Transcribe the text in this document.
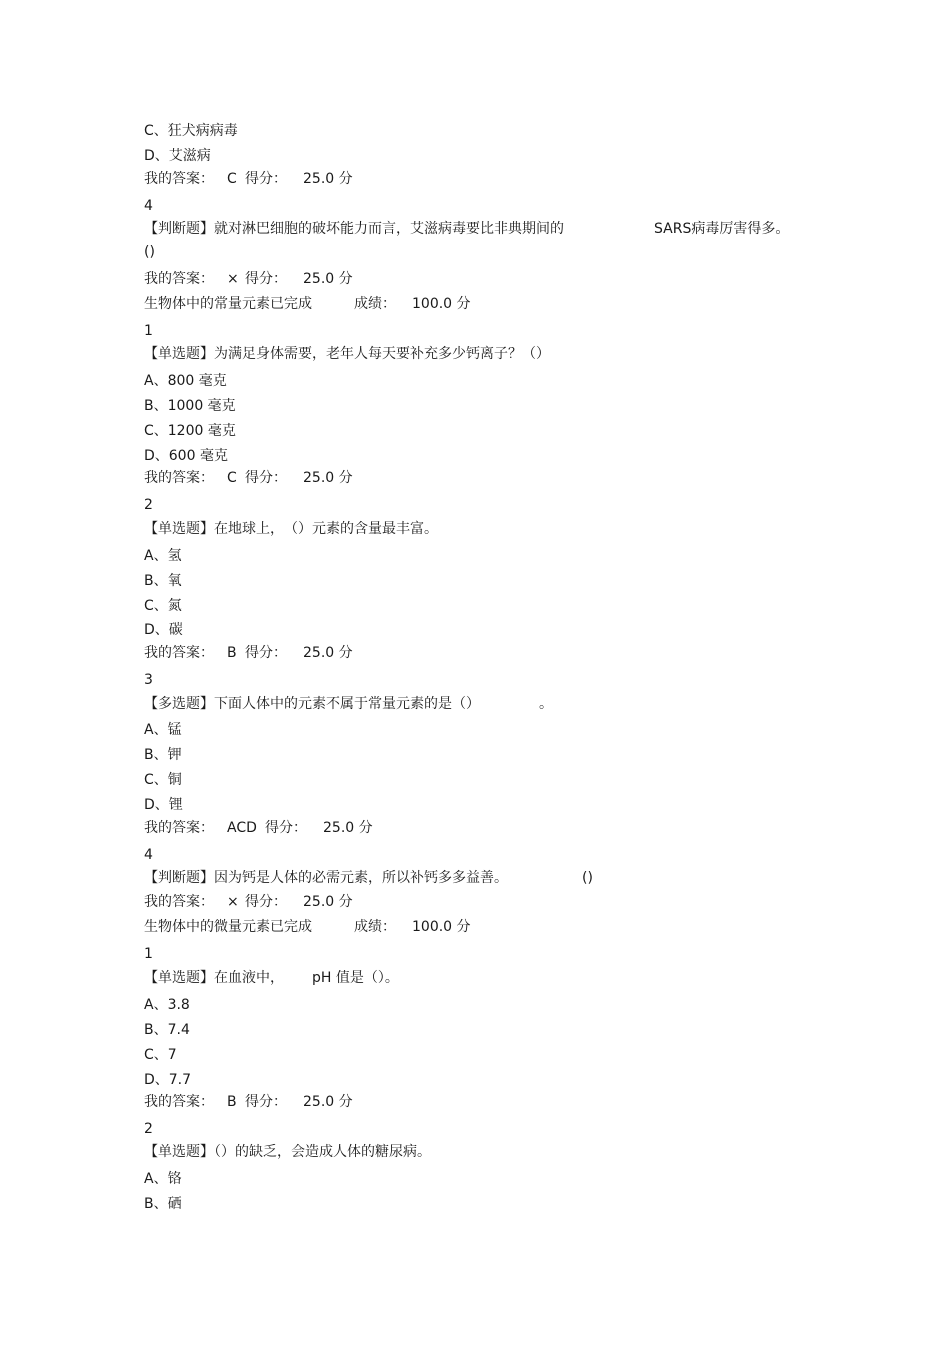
C、狂犬病病毒
D、艾滋病
我的答案： C 得分： 25.0 分
4
【判断题】就对淋巴细胞的破坏能力而言，艾滋病毒要比非典期间的	SARS病毒厉害得多。
()
我的答案： × 得分： 25.0 分
生物体中的常量元素已完成	成绩： 100.0 分
1
【单选题】为满足身体需要，老年人每天要补充多少钙离子？（）
A、800 毫克
B、1000 毫克
C、1200 毫克
D、600 毫克
我的答案： C 得分： 25.0 分
2
【单选题】在地球上， （）元素的含量最丰富。
A、氢
B、氧
C、氮
D、碳
我的答案： B 得分： 25.0 分
3
【多选题】下面人体中的元素不属于常量元素的是（）	。
A、锰
B、钾
C、铜
D、锂
我的答案： ACD 得分： 25.0 分
4
【判断题】因为钙是人体的必需元素，所以补钙多多益善。	()
我的答案： × 得分： 25.0 分
生物体中的微量元素已完成	成绩： 100.0 分
1
【单选题】在血液中， pH 值是（）。
A、3.8
B、7.4
C、7
D、7.7
我的答案： B 得分： 25.0 分
2
【单选题】（）的缺乏，会造成人体的糖尿病。
A、铬
B、硒
